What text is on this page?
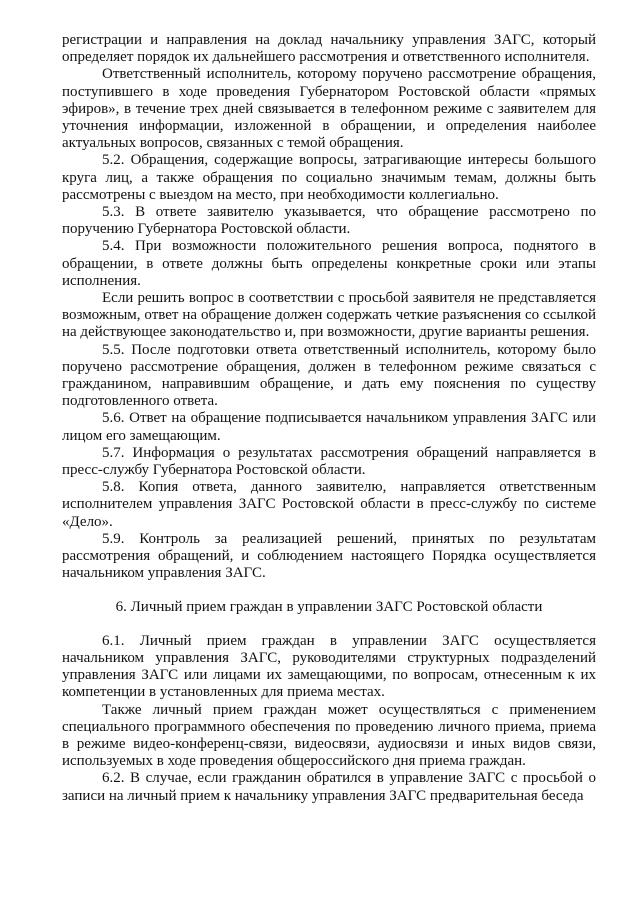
регистрации и направления на доклад начальнику управления ЗАГС, который определяет порядок их дальнейшего рассмотрения и ответственного исполнителя.

Ответственный исполнитель, которому поручено рассмотрение обращения, поступившего в ходе проведения Губернатором Ростовской области «прямых эфиров», в течение трех дней связывается в телефонном режиме с заявителем для уточнения информации, изложенной в обращении, и определения наиболее актуальных вопросов, связанных с темой обращения.

5.2. Обращения, содержащие вопросы, затрагивающие интересы большого круга лиц, а также обращения по социально значимым темам, должны быть рассмотрены с выездом на место, при необходимости коллегиально.

5.3. В ответе заявителю указывается, что обращение рассмотрено по поручению Губернатора Ростовской области.

5.4. При возможности положительного решения вопроса, поднятого в обращении, в ответе должны быть определены конкретные сроки или этапы исполнения.

Если решить вопрос в соответствии с просьбой заявителя не представляется возможным, ответ на обращение должен содержать четкие разъяснения со ссылкой на действующее законодательство и, при возможности, другие варианты решения.

5.5. После подготовки ответа ответственный исполнитель, которому было поручено рассмотрение обращения, должен в телефонном режиме связаться с гражданином, направившим обращение, и дать ему пояснения по существу подготовленного ответа.

5.6. Ответ на обращение подписывается начальником управления ЗАГС или лицом его замещающим.

5.7. Информация о результатах рассмотрения обращений направляется в пресс-службу Губернатора Ростовской области.

5.8. Копия ответа, данного заявителю, направляется ответственным исполнителем управления ЗАГС Ростовской области в пресс-службу по системе «Дело».

5.9. Контроль за реализацией решений, принятых по результатам рассмотрения обращений, и соблюдением настоящего Порядка осуществляется начальником управления ЗАГС.

6. Личный прием граждан в управлении ЗАГС Ростовской области

6.1. Личный прием граждан в управлении ЗАГС осуществляется начальником управления ЗАГС, руководителями структурных подразделений управления ЗАГС или лицами их замещающими, по вопросам, отнесенным к их компетенции в установленных для приема местах.

Также личный прием граждан может осуществляться с применением специального программного обеспечения по проведению личного приема, приема в режиме видео-конференц-связи, видеосвязи, аудиосвязи и иных видов связи, используемых в ходе проведения общероссийского дня приема граждан.

6.2. В случае, если гражданин обратился в управление ЗАГС с просьбой о записи на личный прием к начальнику управления ЗАГС предварительная беседа
